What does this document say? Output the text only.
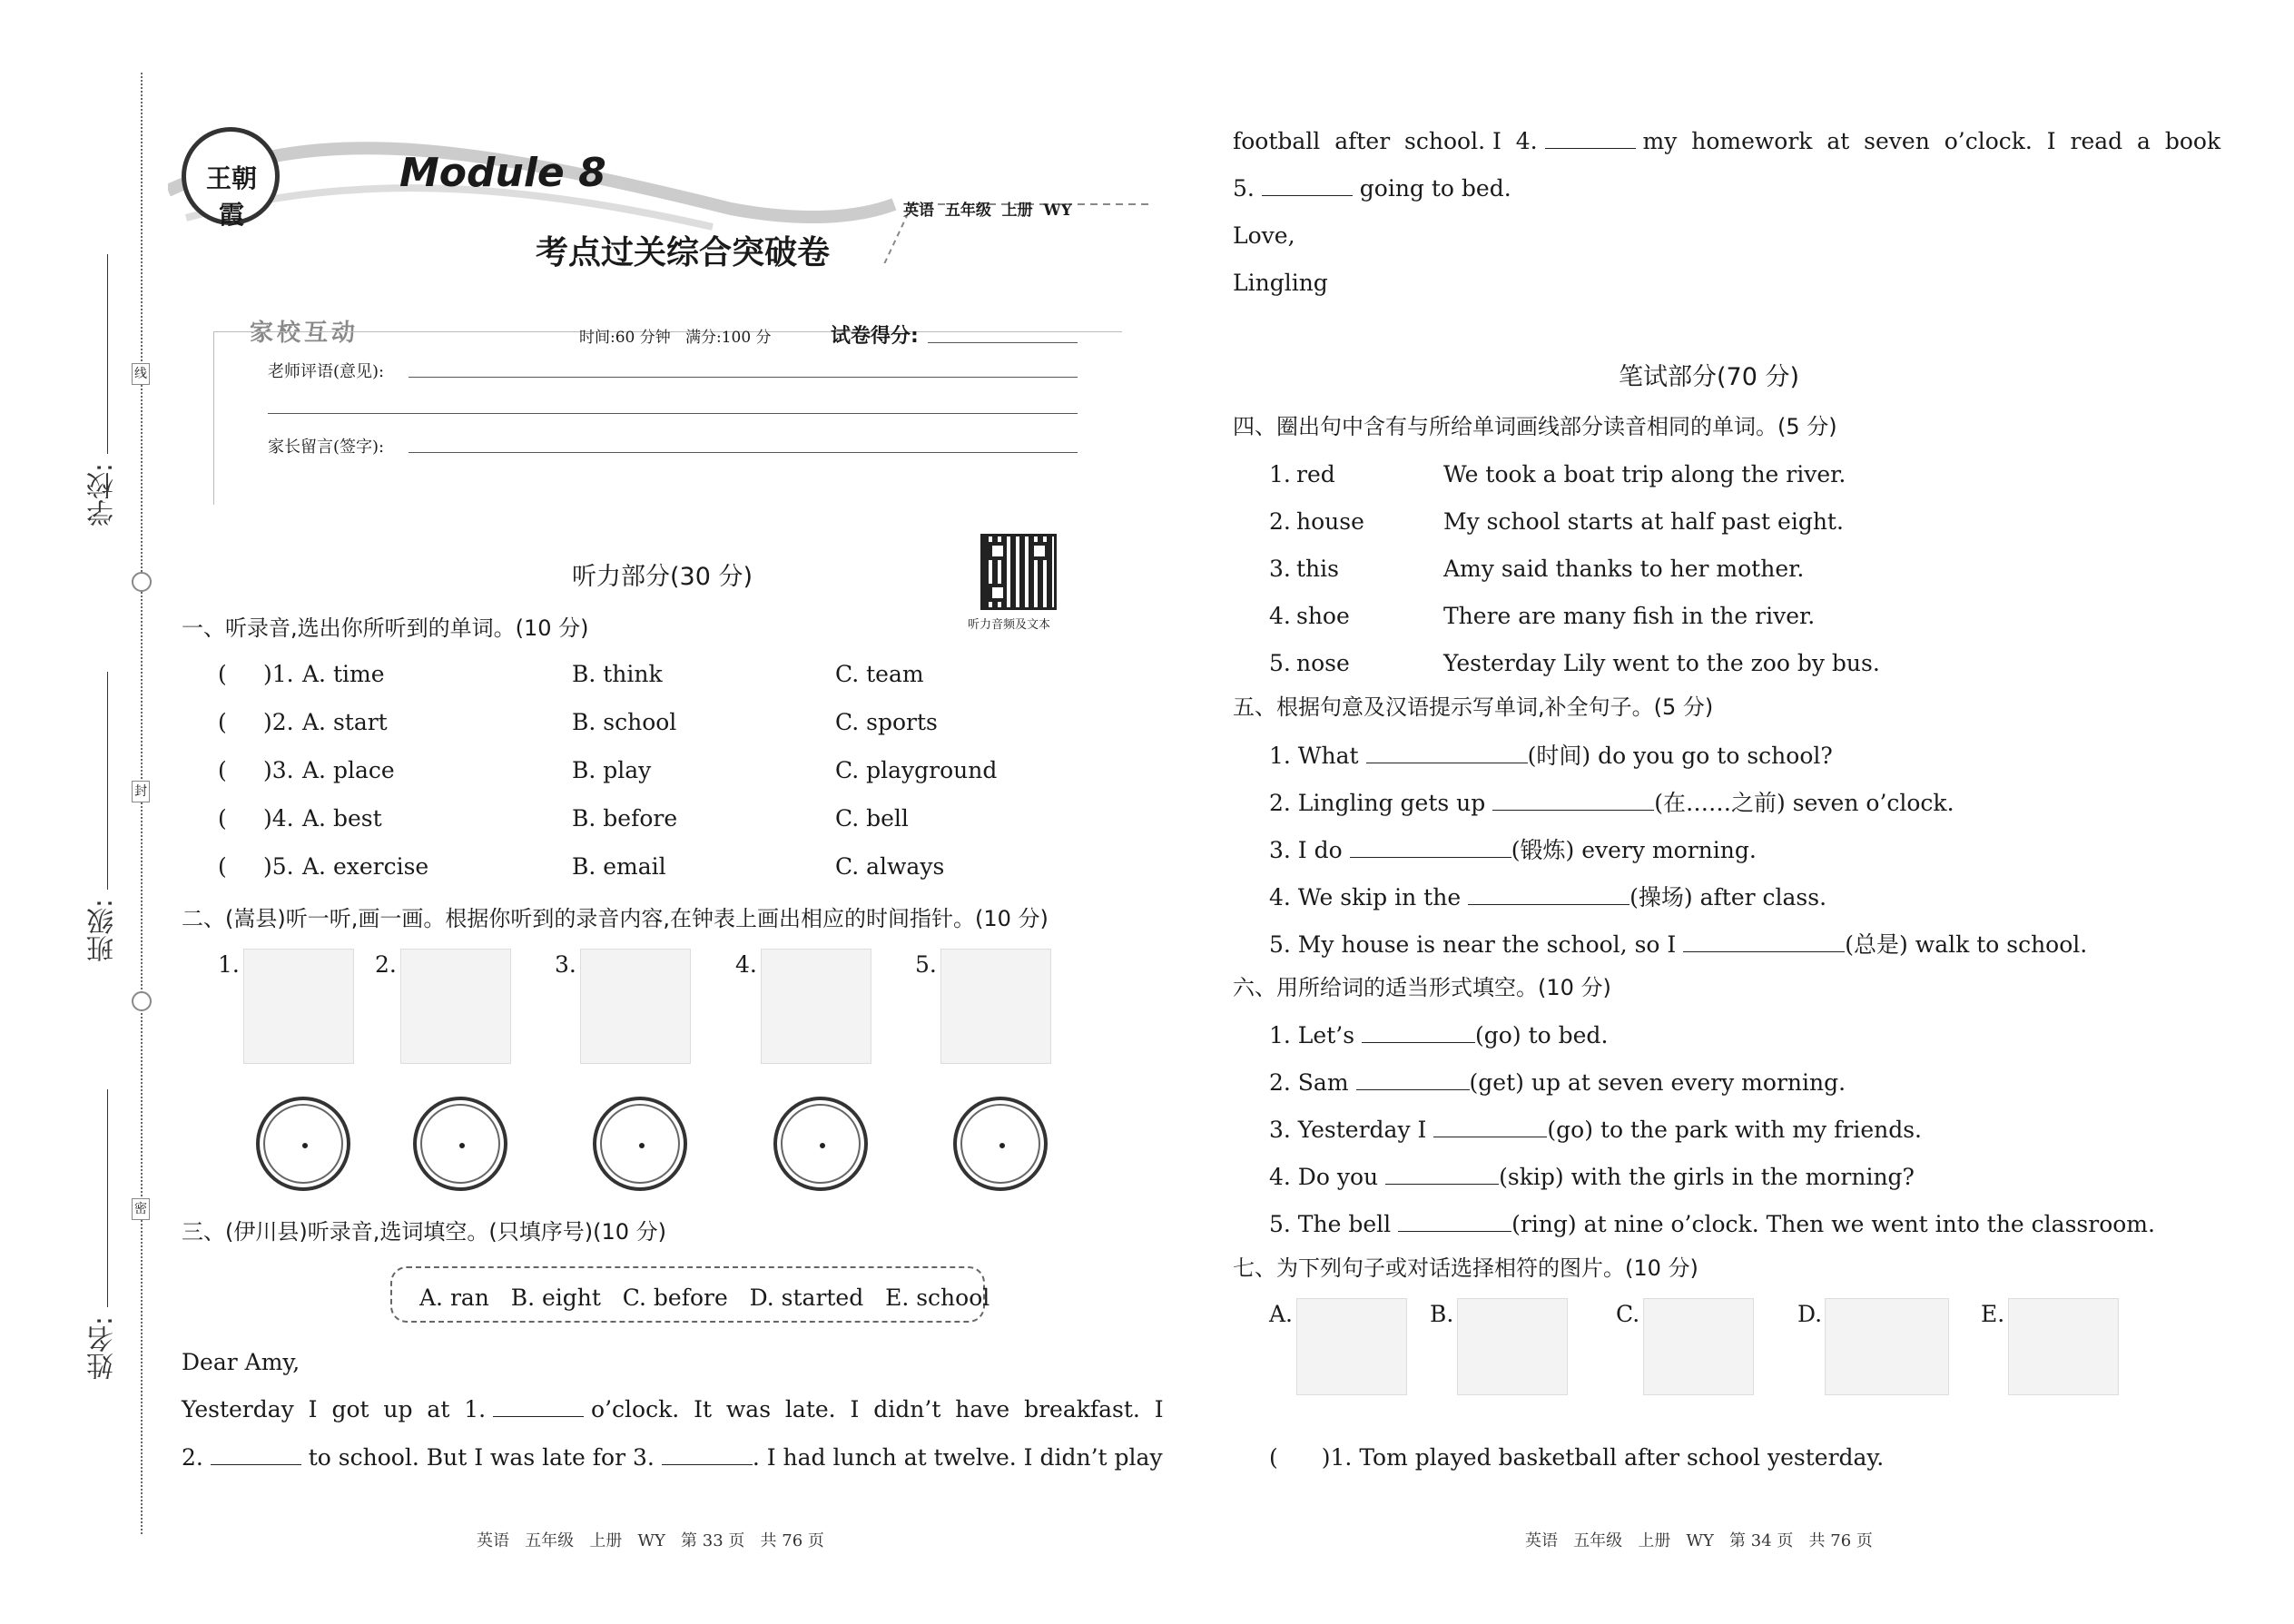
学校:
班级:
姓名:
线
封
密
王朝霞
Module 8
英语  五年级  上册  WY
考点过关综合突破卷
家校互动	时间:60 分钟   满分:100 分	试卷得分:
老师评语(意见):
家长留言(签字):
听力音频及文本
听力部分(30 分)
一、听录音,选出你所听到的单词。(10 分)
( )1. A. time	B. think	C. team
( )2. A. start	B. school	C. sports
( )3. A. place	B. play	C. playground
( )4. A. best	B. before	C. bell
( )5. A. exercise	B. email	C. always
二、(嵩县)听一听,画一画。根据你听到的录音内容,在钟表上画出相应的时间指针。(10 分)
1.	2.	3.	4.	5.
三、(伊川县)听录音,选词填空。(只填序号)(10 分)
A. ran   B. eight   C. before   D. started   E. school
Dear Amy,
Yesterday  I  got  up  at  1.	o’clock.  It  was  late.  I  didn’t  have  breakfast.  I
2.	to school. But I was late for 3.	. I had lunch at twelve. I didn’t play
football  after  school. I  4.	my  homework  at  seven  o’clock.  I  read  a  book
5.	going to bed.
Love,
Lingling
笔试部分(70 分)
四、圈出句中含有与所给单词画线部分读音相同的单词。(5 分)
1. red	We took a boat trip along the river.
2. house	My school starts at half past eight.
3. this	Amy said thanks to her mother.
4. shoe	There are many fish in the river.
5. nose	Yesterday Lily went to the zoo by bus.
五、根据句意及汉语提示写单词,补全句子。(5 分)
1. What	(时间) do you go to school?
2. Lingling gets up	(在……之前) seven o’clock.
3. I do	(锻炼) every morning.
4. We skip in the	(操场) after class.
5. My house is near the school, so I	(总是) walk to school.
六、用所给词的适当形式填空。(10 分)
1. Let’s	(go) to bed.
2. Sam	(get) up at seven every morning.
3. Yesterday I	(go) to the park with my friends.
4. Do you	(skip) with the girls in the morning?
5. The bell	(ring) at nine o’clock. Then we went into the classroom.
七、为下列句子或对话选择相符的图片。(10 分)
A.	B.	C.	D.	E.
( )1. Tom played basketball after school yesterday.
英语   五年级   上册   WY   第 33 页   共 76 页	英语   五年级   上册   WY   第 34 页   共 76 页
